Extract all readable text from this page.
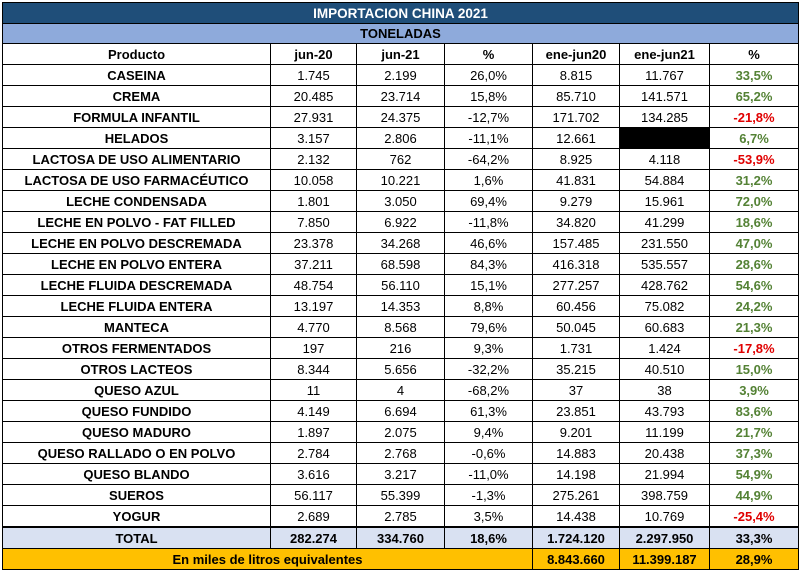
IMPORTACION CHINA 2021						
TONELADAS						
Producto	jun-20	jun-21	%	ene-jun20	ene-jun21	%
CASEINA	1.745	2.199	26,0%	8.815	11.767	33,5%
CREMA	20.485	23.714	15,8%	85.710	141.571	65,2%
FORMULA INFANTIL	27.931	24.375	-12,7%	171.702	134.285	-21,8%
HELADOS	3.157	2.806	-11,1%	12.661		6,7%
LACTOSA DE USO ALIMENTARIO	2.132	762	-64,2%	8.925	4.118	-53,9%
LACTOSA DE USO FARMACÉUTICO	10.058	10.221	1,6%	41.831	54.884	31,2%
LECHE CONDENSADA	1.801	3.050	69,4%	9.279	15.961	72,0%
LECHE EN POLVO - FAT FILLED	7.850	6.922	-11,8%	34.820	41.299	18,6%
LECHE EN POLVO DESCREMADA	23.378	34.268	46,6%	157.485	231.550	47,0%
LECHE EN POLVO ENTERA	37.211	68.598	84,3%	416.318	535.557	28,6%
LECHE FLUIDA DESCREMADA	48.754	56.110	15,1%	277.257	428.762	54,6%
LECHE FLUIDA ENTERA	13.197	14.353	8,8%	60.456	75.082	24,2%
MANTECA	4.770	8.568	79,6%	50.045	60.683	21,3%
OTROS FERMENTADOS	197	216	9,3%	1.731	1.424	-17,8%
OTROS LACTEOS	8.344	5.656	-32,2%	35.215	40.510	15,0%
QUESO AZUL	11	4	-68,2%	37	38	3,9%
QUESO FUNDIDO	4.149	6.694	61,3%	23.851	43.793	83,6%
QUESO MADURO	1.897	2.075	9,4%	9.201	11.199	21,7%
QUESO RALLADO O EN POLVO	2.784	2.768	-0,6%	14.883	20.438	37,3%
QUESO BLANDO	3.616	3.217	-11,0%	14.198	21.994	54,9%
SUEROS	56.117	55.399	-1,3%	275.261	398.759	44,9%
YOGUR	2.689	2.785	3,5%	14.438	10.769	-25,4%
TOTAL	282.274	334.760	18,6%	1.724.120	2.297.950	33,3%
En miles de litros equivalentes				8.843.660	11.399.187	28,9%
